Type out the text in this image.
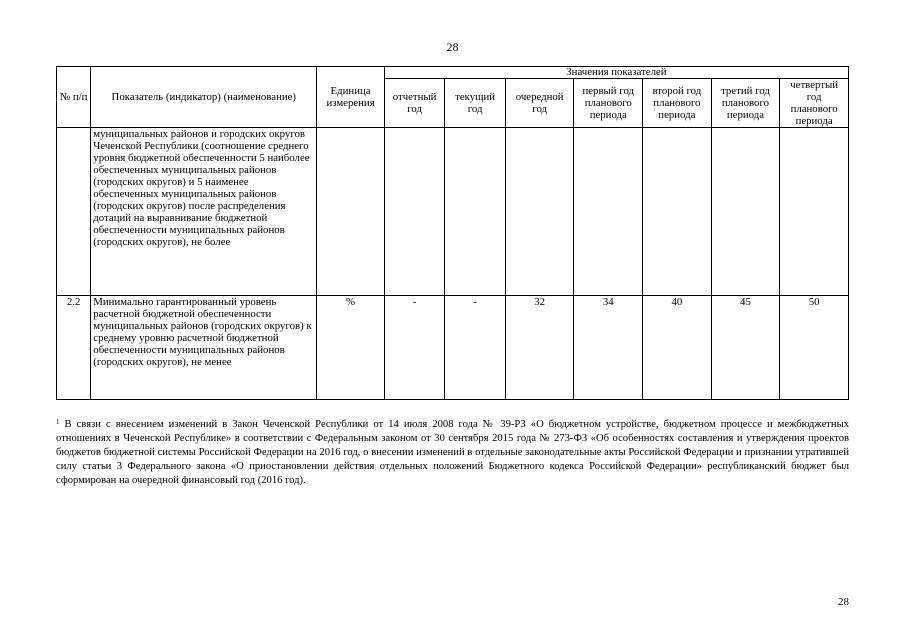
28
№ п/п	Показатель (индикатор) (наименование)	Единица измерения	Значения показателей						
			отчетный год	текущий год	очередной год	первый год планового периода	второй год планового периода	третий год планового периода	четвертый год планового периода
	муниципальных районов и городских округов Чеченской Республики (соотношение среднего уровня бюджетной обеспеченности 5 наиболее обеспеченных муниципальных районов (городских округов) и 5 наименее обеспеченных муниципальных районов (городских округов) после распределения дотаций на выравнивание бюджетной обеспеченности муниципальных районов (городских округов), не более								
2.2	Минимально гарантированный уровень расчетной бюджетной обеспеченности муниципальных районов (городских округов) к среднему уровню расчетной бюджетной обеспеченности муниципальных районов (городских округов), не менее	%	-	-	32	34	40	45	50
$^1$ В связи с внесением изменений в Закон Чеченской Республики от 14 июля 2008 года № 39-РЗ «О бюджетном устройстве, бюджетном процессе и межбюджетных отношениях в Чеченской Республике» в соответствии с Федеральным законом от 30 сентября 2015 года № 273-ФЗ «Об особенностях составления и утверждения проектов бюджетов бюджетной системы Российской Федерации на 2016 год, о внесении изменений в отдельные законодательные акты Российской Федерации и признании утратившей силу статьи 3 Федерального закона «О приостановлении действия отдельных положений Бюджетного кодекса Российской Федерации» республиканский бюджет был сформирован на очередной финансовый год (2016 год).
28
